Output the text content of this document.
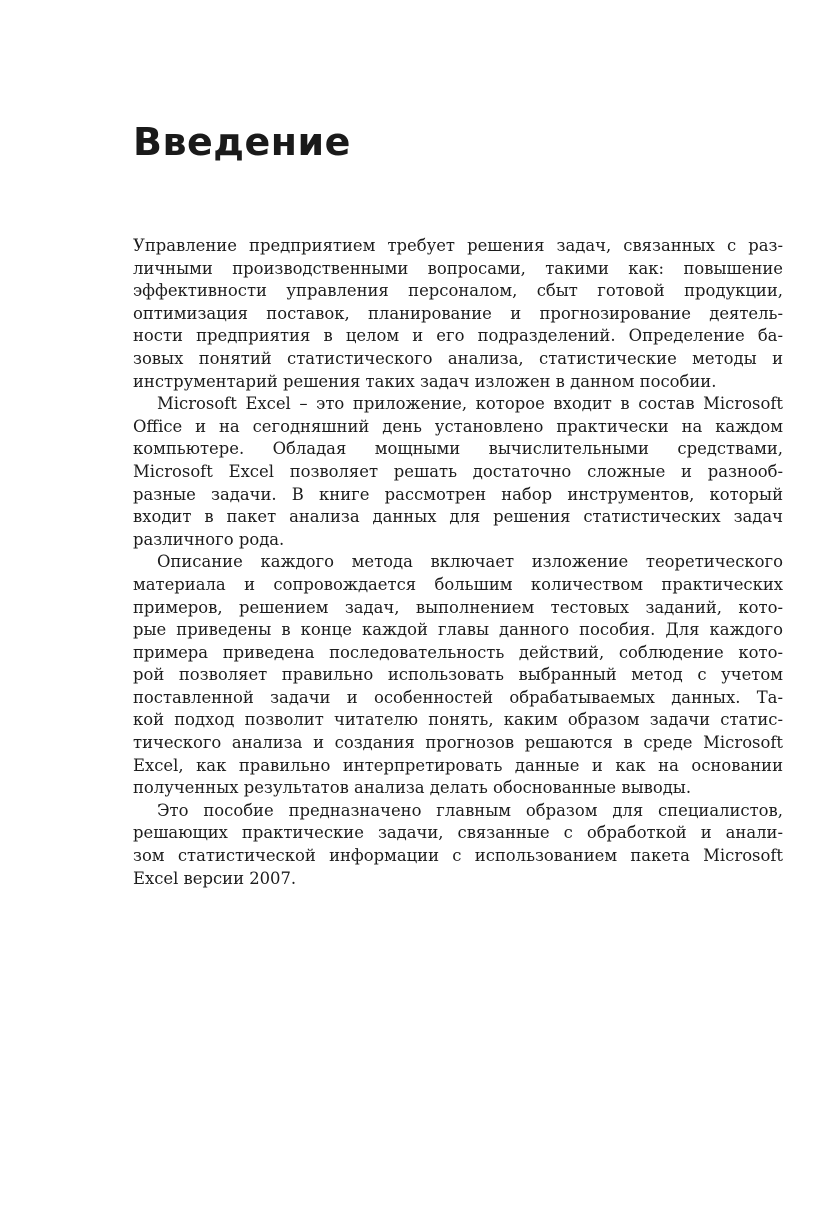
Введение
Управление предприятием требует решения задач, связанных с раз-
личными производственными вопросами, такими как: повышение
эффективности управления персоналом, сбыт готовой продукции,
оптимизация поставок, планирование и прогнозирование деятель-
ности предприятия в целом и его подразделений. Определение ба-
зовых понятий статистического анализа, статистические методы и
инструментарий решения таких задач изложен в данном пособии.
Microsoft Excel – это приложение, которое входит в состав Microsoft
Office и на сегодняшний день установлено практически на каждом
компьютере. Обладая мощными вычислительными средствами,
Microsoft Excel позволяет решать достаточно сложные и разнооб-
разные задачи. В книге рассмотрен набор инструментов, который
входит в пакет анализа данных для решения статистических задач
различного рода.
Описание каждого метода включает изложение теоретического
материала и сопровождается большим количеством практических
примеров, решением задач, выполнением тестовых заданий, кото-
рые приведены в конце каждой главы данного пособия. Для каждого
примера приведена последовательность действий, соблюдение кото-
рой позволяет правильно использовать выбранный метод с учетом
поставленной задачи и особенностей обрабатываемых данных. Та-
кой подход позволит читателю понять, каким образом задачи статис-
тического анализа и создания прогнозов решаются в среде Microsoft
Excel, как правильно интерпретировать данные и как на основании
полученных результатов анализа делать обоснованные выводы.
Это пособие предназначено главным образом для специалистов,
решающих практические задачи, связанные с обработкой и анали-
зом статистической информации с использованием пакета Microsoft
Excel версии 2007.
